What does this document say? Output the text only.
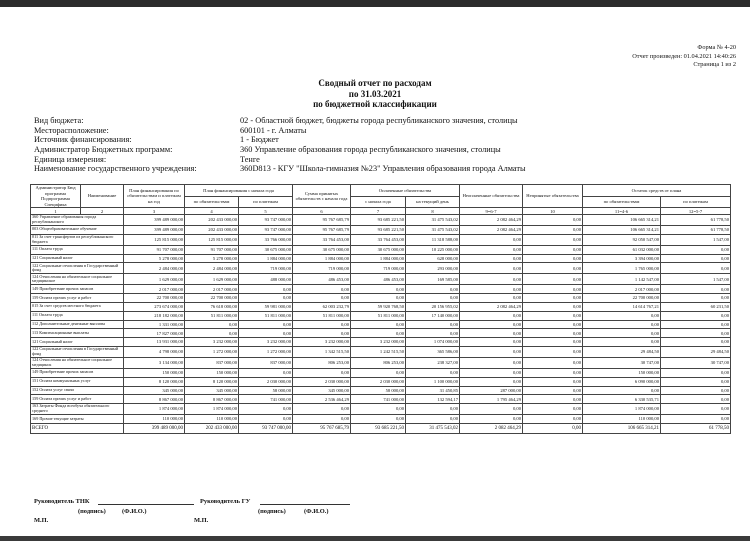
Форма № 4-20
Отчет произведен: 01.04.2021 14:40:26
Страница 1 из 2
Сводный отчет по расходам
по 31.03.2021
по бюджетной классификации
Вид бюджета:	02 - Областной бюджет, бюджеты города республиканского значения, столицы
Месторасположение:	600101 - г. Алматы
Источник финансирования:	1 - Бюджет
Администратор Бюджетных программ:	360 Управление образования города республиканского значения, столицы
Единица измерения:	Тенге
Наименование государственного учреждения:	360D813 - КГУ "Школа-гимназия №23" Управления образования города Алматы
Администратор Бюд программа Подпрограмма Специфика	Наименование	План финансирования по обязательствам и платежам на год	План финансирования с начала года		Сумма принятых обязательств с начала года	Оплаченные обязательства		Неоплаченные обязательства	Непринятые обязательства	Остаток средств от плана	
			по обязательствам	по платежам		с начала года	на текущий день			по обязательствам	по платежам
1	2	3	4	5	6	7	8	9=6-7	10	11=4-6	12=5-7
360 Управление образования города республиканского		399 489 000,00	202 433 000,00	93 747 000,00	95 767 685,79	93 685 221,50	31 475 543,02	2 082 464,29	0,00	106 665 314,21	61 778,50
003 Общеобразовательное обучение		399 489 000,00	202 433 000,00	93 747 000,00	95 767 685,79	93 685 221,50	31 475 543,02	2 082 464,29	0,00	106 665 314,21	61 778,50
011 За счет трансфертов из республиканского бюджета		125 815 000,00	125 815 000,00	33 766 000,00	33 764 453,00	33 764 453,00	11 318 588,00	0,00	0,00	92 050 547,00	1 547,00
111 Оплата труда		91 707 000,00	91 707 000,00	30 675 000,00	30 675 000,00	30 675 000,00	10 225 000,00	0,00	0,00	61 032 000,00	0,00
121 Социальный налог		5 278 000,00	5 278 000,00	1 884 000,00	1 884 000,00	1 884 000,00	628 000,00	0,00	0,00	3 394 000,00	0,00
122 Социальные отчисления в Государственный фонд		2 484 000,00	2 484 000,00	719 000,00	719 000,00	719 000,00	293 000,00	0,00	0,00	1 765 000,00	0,00
124 Отчисления на обязательное социальное медицинское		1 629 000,00	1 629 000,00	488 000,00	486 453,00	486 453,00	169 585,00	0,00	0,00	1 142 547,00	1 547,00
149 Приобретение прочих запасов		2 017 000,00	2 017 000,00	0,00	0,00	0,00	0,00	0,00	0,00	2 017 000,00	0,00
159 Оплата прочих услуг и работ		22 700 000,00	22 700 000,00	0,00	0,00	0,00	0,00	0,00	0,00	22 700 000,00	0,00
015 За счет средств местного бюджета		273 674 000,00	76 618 000,00	59 981 000,00	62 003 232,79	59 920 768,50	20 156 955,02	2 082 464,29	0,00	14 614 767,21	60 231,50
111 Оплата труда		218 182 000,00	51 811 000,00	51 811 000,00	51 811 000,00	51 811 000,00	17 140 000,00	0,00	0,00	0,00	0,00
112 Дополнительные денежные выплаты		1 331 000,00	0,00	0,00	0,00	0,00	0,00	0,00	0,00	0,00	0,00
113 Компенсационные выплаты		17 827 000,00	0,00	0,00	0,00	0,00	0,00	0,00	0,00	0,00	0,00
121 Социальный налог		13 931 000,00	3 232 000,00	3 232 000,00	3 232 000,00	3 232 000,00	1 074 000,00	0,00	0,00	0,00	0,00
122 Социальные отчисления в Государственный фонд		4 798 000,00	1 272 000,00	1 272 000,00	1 342 515,50	1 242 515,50	365 586,00	0,00	0,00	29 484,50	29 484,50
124 Отчисления на обязательное социальное медицинск		3 134 000,00	837 000,00	837 000,00	806 253,00	806 253,00	238 327,00	0,00	0,00	30 747,00	30 747,00
149 Приобретение прочих запасов		150 000,00	150 000,00	0,00	0,00	0,00	0,00	0,00	0,00	150 000,00	0,00
151 Оплата коммунальных услуг		8 120 000,00	8 120 000,00	2 030 000,00	2 030 000,00	2 030 000,00	1 100 000,00	0,00	0,00	6 090 000,00	0,00
152 Оплата услуг связи		345 000,00	345 000,00	58 000,00	345 000,00	58 000,00	31 450,85	287 000,00	0,00	0,00	0,00
159 Оплата прочих услуг и работ		8 867 000,00	8 867 000,00	741 000,00	2 536 464,29	741 000,00	132 594,17	1 795 464,29	0,00	6 330 535,71	0,00
163 Затраты Фонда всеобуча обязательного среднего		1 874 000,00	1 874 000,00	0,00	0,00	0,00	0,00	0,00	0,00	1 874 000,00	0,00
169 Прочие текущие затраты		110 000,00	110 000,00	0,00	0,00	0,00	0,00	0,00	0,00	110 000,00	0,00
ВСЕГО		399 489 000,00	202 433 000,00	93 747 000,00	95 767 685,79	93 685 221,50	31 475 543,02	2 082 464,29	0,00	106 665 314,21	61 778,50
Руководитель ТНК	Руководитель ГУ
(подпись)	(Ф.И.О.)	(подпись)	(Ф.И.О.)
М.П.	М.П.
